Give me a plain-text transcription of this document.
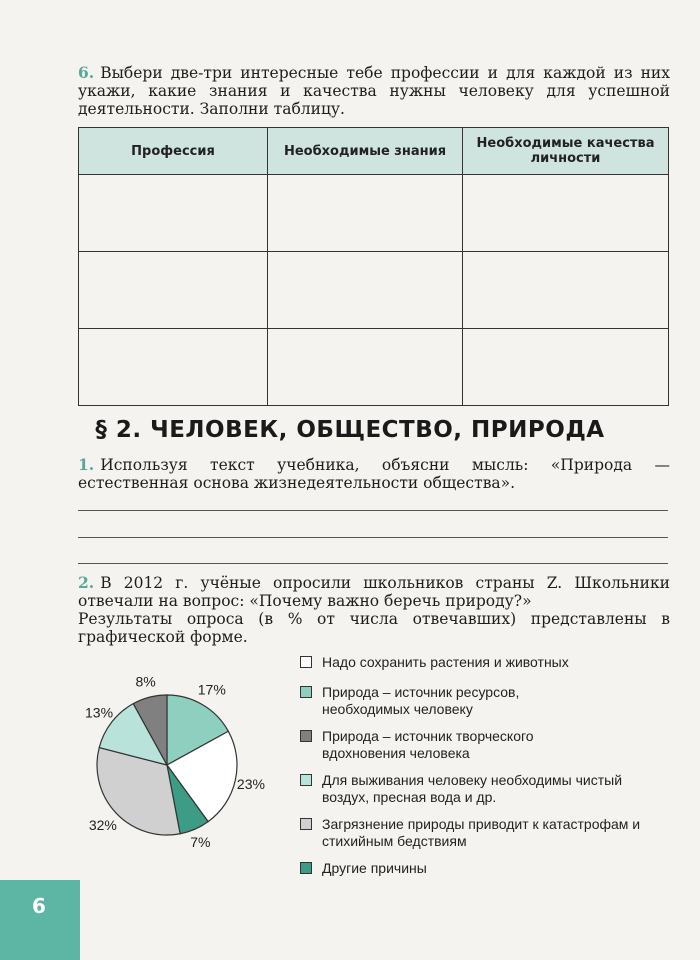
6. Выбери две-три интересные тебе профессии и для каждой из них укажи, какие знания и качества нужны человеку для успешной деятельности. Заполни таблицу.
Профессия	Необходимые знания	Необходимые качества личности

§ 2. ЧЕЛОВЕК, ОБЩЕСТВО, ПРИРОДА
1. Используя текст учебника, объясни мысль: «Природа — естественная основа жизнедеятельности общества».
2. В 2012 г. учёные опросили школьников страны Z. Школьники отвечали на вопрос: «Почему важно беречь природу?»
Результаты опроса (в % от числа отвечавших) представлены в графической форме.
17%
23%
7%
32%
13%
8%
Надо сохранить растения и животных
Природа – источник ресурсов, необходимых человеку
Природа – источник творческого вдохновения человека
Для выживания человеку необходимы чистый воздух, пресная вода и др.
Загрязнение природы приводит к катастрофам и стихийным бедствиям
Другие причины
6
